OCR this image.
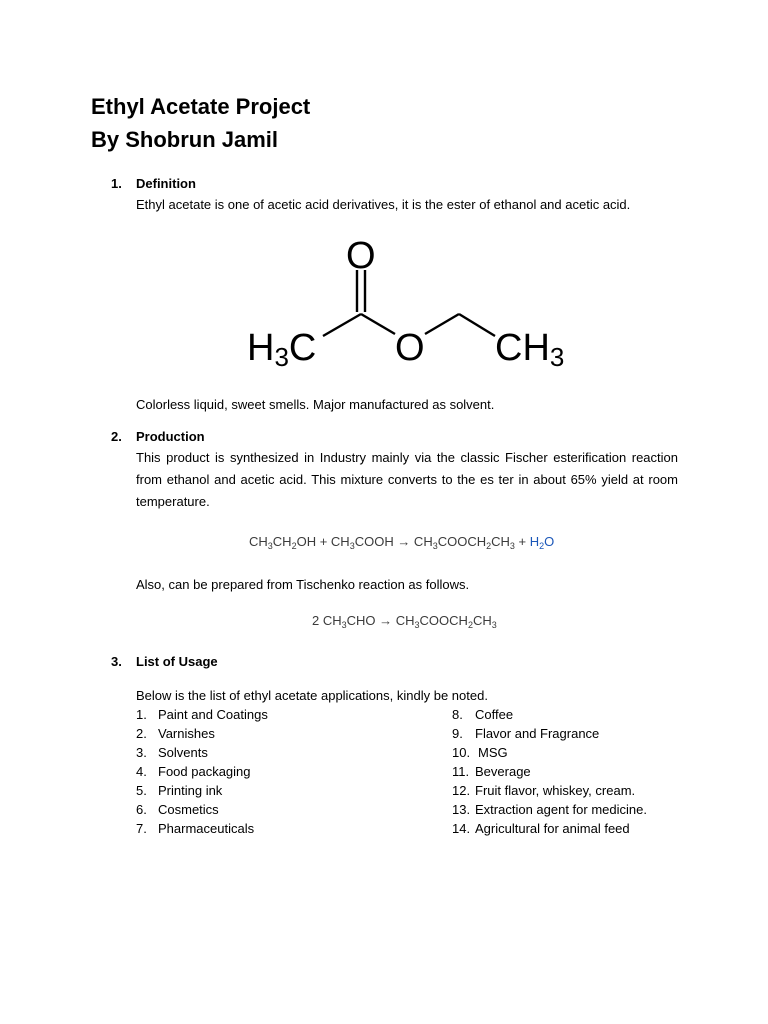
Ethyl Acetate Project
By Shobrun Jamil
1. Definition
Ethyl acetate is one of acetic acid derivatives, it is the ester of ethanol and acetic acid.
H3C
O
O CH3
Colorless liquid, sweet smells. Major manufactured as solvent.
2. Production

This product is synthesized in Industry mainly via the classic Fischer esterification reaction from ethanol and acetic acid. This mixture converts to the es ter in about 65% yield at room temperature.

$CH_3CH_2OH$ + $CH_3COOH$ → $CH_3COOCH_2CH_3 + H_2O$
Also, can be prepared from Tischenko reaction as follows.
2 $CH_3CHO$ → $CH_3COOCH_2CH_3$
3. List of Usage
Below is the list of ethyl acetate applications, kindly be noted.
1. Paint and Coatings
2. Varnishes
3. Solvents
4. Food packaging
5. Printing ink
6. Cosmetics
7. Pharmaceuticals
8. Coffee
9. Flavor and Fragrance
10. MSG
11. Beverage
12. Fruit flavor, whiskey, cream.
13. Extraction agent for medicine.
14. Agricultural for animal feed
